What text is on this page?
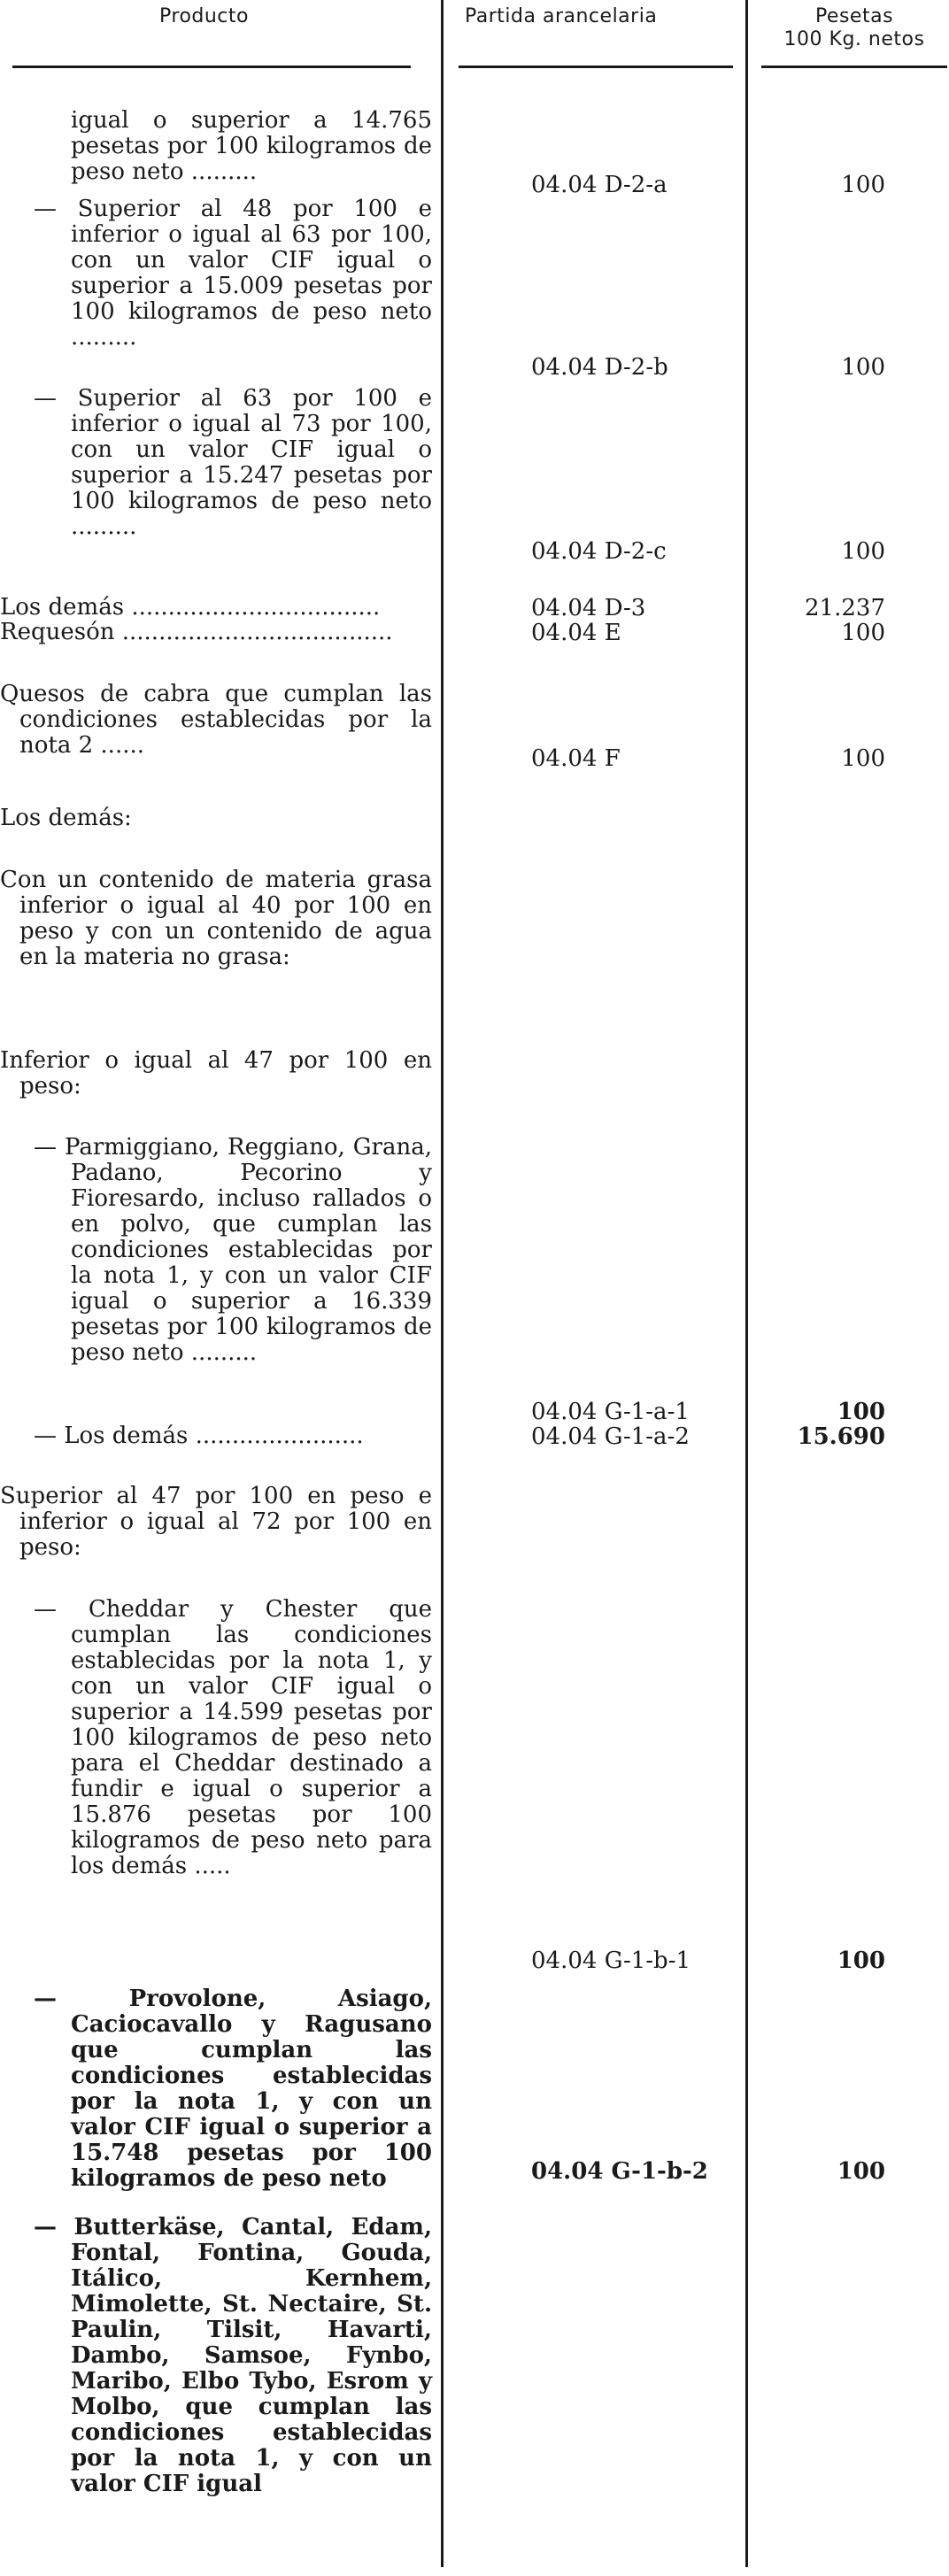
Producto	Partida arancelaria	Pesetas
100 Kg. netos

igual o superior a 14.765 pesetas por 100 kilogramos de peso neto .........

— Superior al 48 por 100 e inferior o igual al 63 por 100, con un valor CIF igual o superior a 15.009 pesetas por 100 kilogramos de peso neto .........

— Superior al 63 por 100 e inferior o igual al 73 por 100, con un valor CIF igual o superior a 15.247 pesetas por 100 kilogramos de peso neto .........

Los demás ..................................

Requesón .....................................

Quesos de cabra que cumplan las condiciones establecidas por la nota 2 ......

Los demás:

Con un contenido de materia grasa inferior o igual al 40 por 100 en peso y con un contenido de agua en la materia no grasa:

Inferior o igual al 47 por 100 en peso:

— Parmiggiano, Reggiano, Grana, Padano, Pecorino y Fioresardo, incluso rallados o en polvo, que cumplan las condiciones establecidas por la nota 1, y con un valor CIF igual o superior a 16.339 pesetas por 100 kilogramos de peso neto .........

— Los demás .......................

Superior al 47 por 100 en peso e inferior o igual al 72 por 100 en peso:

— Cheddar y Chester que cumplan las condiciones establecidas por la nota 1, y con un valor CIF igual o superior a 14.599 pesetas por 100 kilogramos de peso neto para el Cheddar destinado a fundir e igual o superior a 15.876 pesetas por 100 kilogramos de peso neto para los demás .....

— Provolone, Asiago, Caciocavallo y Ragusano que cumplan las condiciones establecidas por la nota 1, y con un valor CIF igual o superior a 15.748 pesetas por 100 kilogramos de peso neto

— Butterkäse, Cantal, Edam, Fontal, Fontina, Gouda, Itálico, Kernhem, Mimolette, St. Nectaire, St. Paulin, Tilsit, Havarti, Dambo, Samsoe, Fynbo, Maribo, Elbo Tybo, Esrom y Molbo, que cumplan las condiciones establecidas por la nota 1, y con un valor CIF igual

04.04 D-2-a
04.04 D-2-b
04.04 D-2-c
04.04 D-3
04.04 E
04.04 F
04.04 G-1-a-1
04.04 G-1-a-2
04.04 G-1-b-1
04.04 G-1-b-2
100
100
100
21.237
100
100
100
15.690
100
100
